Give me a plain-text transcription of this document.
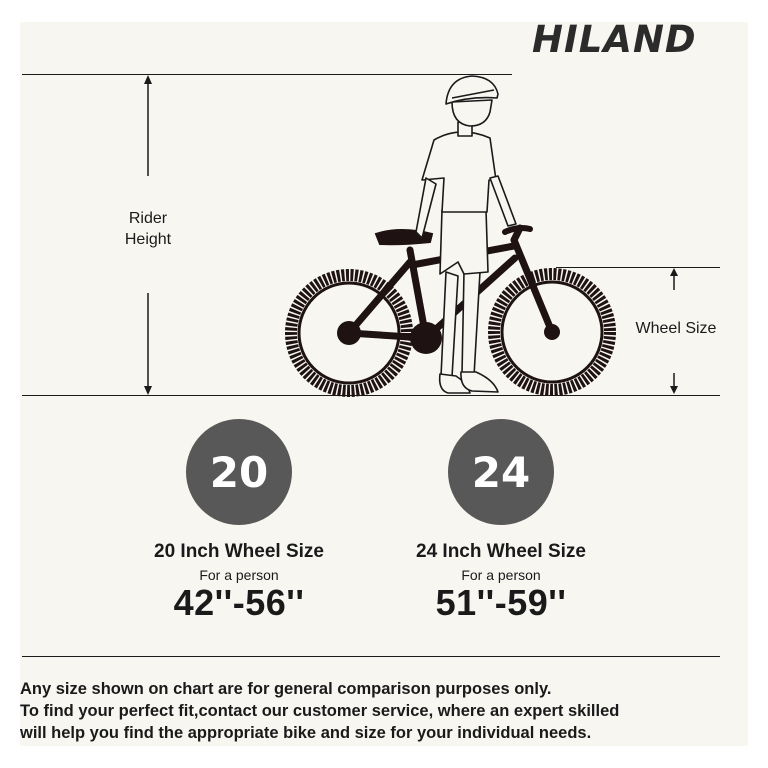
HILAND
Rider
Height
Wheel Size
20
20 Inch Wheel Size
For a person
42''-56''
24
24 Inch Wheel Size
For a person
51''-59''
Any size shown on chart are for general comparison purposes only.
To find your perfect fit,contact our customer service, where an expert skilled
will help you find the appropriate bike and size for your individual needs.
